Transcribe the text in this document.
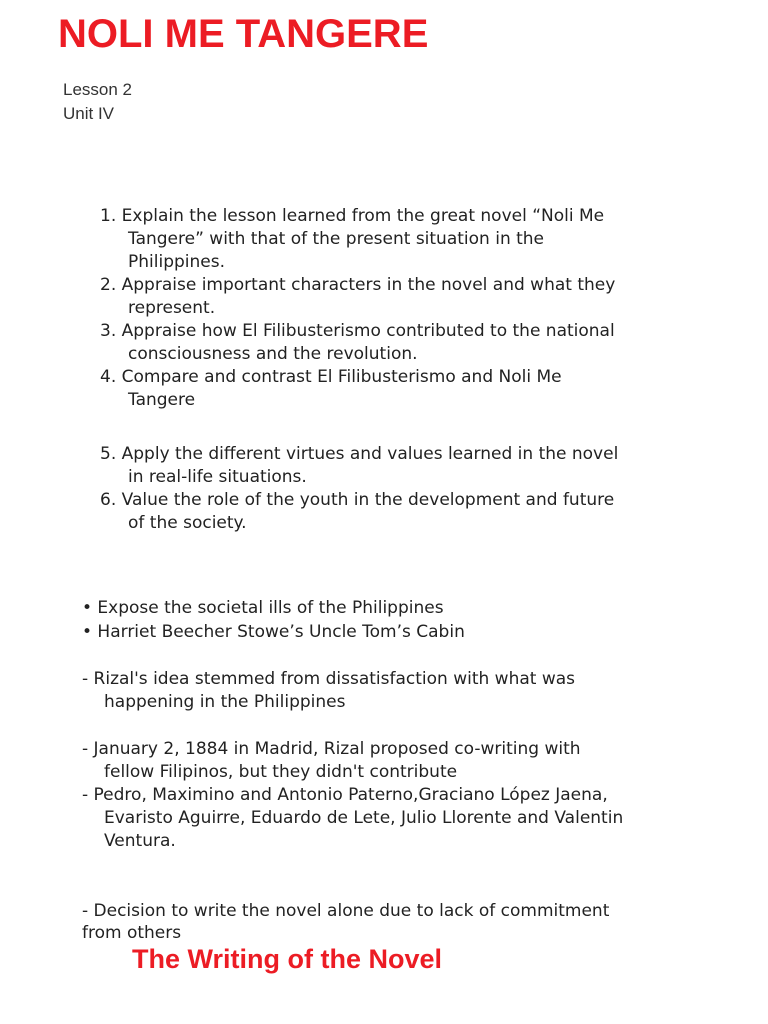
NOLI ME TANGERE
Lesson 2
Unit IV
1. Explain the lesson learned from the great novel “Noli Me
Tangere” with that of the present situation in the
Philippines.
2. Appraise important characters in the novel and what they
represent.
3. Appraise how El Filibusterismo contributed to the national
consciousness and the revolution.
4. Compare and contrast El Filibusterismo and Noli Me
Tangere
5. Apply the different virtues and values learned in the novel
in real-life situations.
6. Value the role of the youth in the development and future
of the society.
• Expose the societal ills of the Philippines
• Harriet Beecher Stowe’s Uncle Tom’s Cabin
- Rizal's idea stemmed from dissatisfaction with what was
happening in the Philippines
- January 2, 1884 in Madrid, Rizal proposed co-writing with
fellow Filipinos, but they didn't contribute
- Pedro, Maximino and Antonio Paterno,Graciano López Jaena,
Evaristo Aguirre, Eduardo de Lete, Julio Llorente and Valentin
Ventura.
- Decision to write the novel alone due to lack of commitment
from others
The Writing of the Novel
